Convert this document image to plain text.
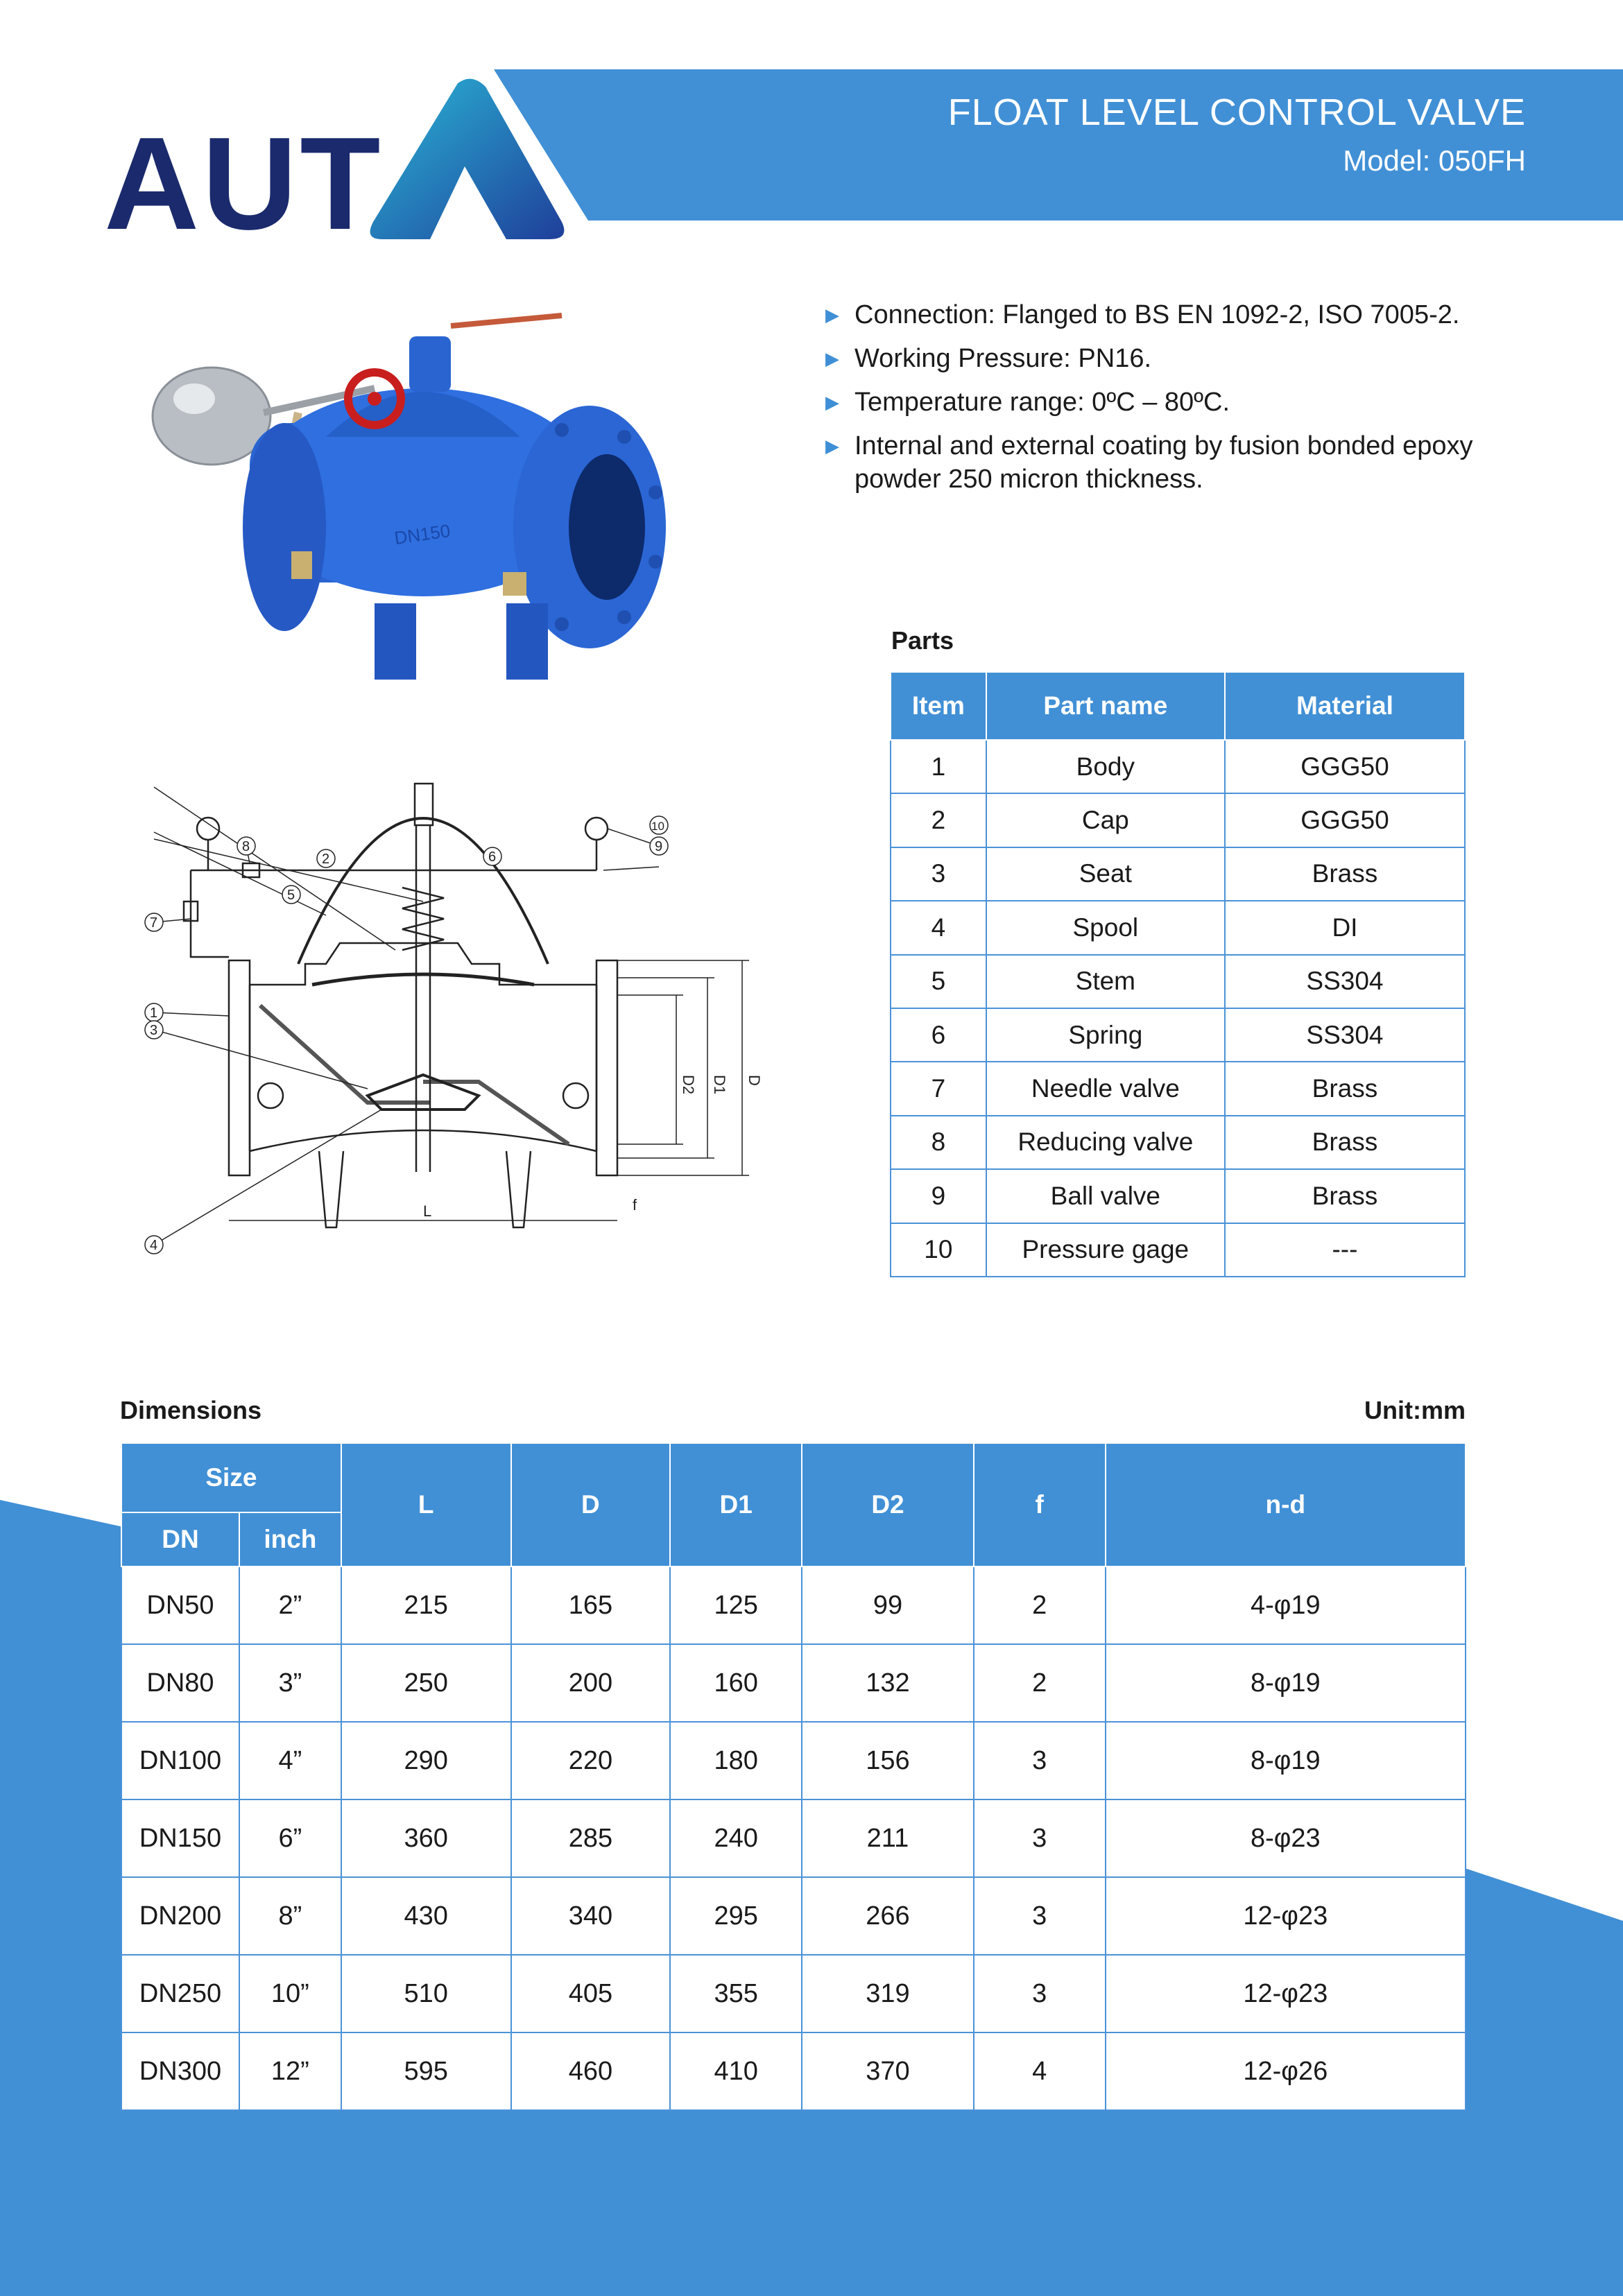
AUT	FLOAT LEVEL CONTROL VALVE
Model: 050FH
DN150
D2 D1 D
L	f
1
2
3
4
5
6
7
8	9
10
▶ Connection: Flanged to BS EN 1092-2, ISO 7005-2.
▶ Working Pressure: PN16.
▶ Temperature range: 0ºC – 80ºC.
▶ Internal and external coating by fusion bonded epoxy powder 250 micron thickness.
Parts
Item	Part name	Material
1	Body	GGG50
2	Cap	GGG50
3	Seat	Brass
4	Spool	DI
5	Stem	SS304
6	Spring	SS304
7	Needle valve	Brass
8	Reducing valve	Brass
9	Ball valve	Brass
10	Pressure gage	---
Dimensions	Unit:mm
Size		L	D	D1	D2	f	n-d
DN	inch						
DN50	2”	215	165	125	99	2	4-φ19
DN80	3”	250	200	160	132	2	8-φ19
DN100	4”	290	220	180	156	3	8-φ19
DN150	6”	360	285	240	211	3	8-φ23
DN200	8”	430	340	295	266	3	12-φ23
DN250	10”	510	405	355	319	3	12-φ23
DN300	12”	595	460	410	370	4	12-φ26
